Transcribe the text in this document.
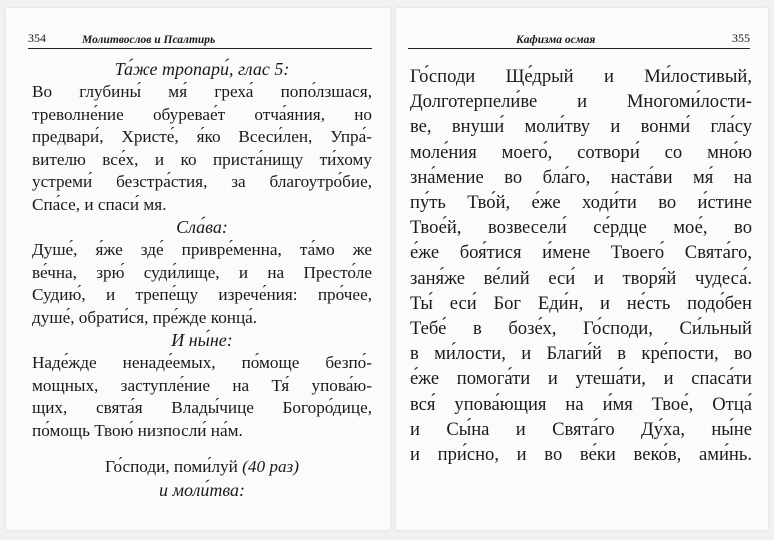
354	Молитвослов и Псалтирь
Та́же тропари́, глас 5:
Во глубины́ мя́ греха́ попо́лзшася,
треволне́ние обуревае́т отча́яния, но
предвари́, Христе́, я́ко Всеси́лен, Упра́-
вителю все́х, и ко приста́нищу ти́хому
устреми́ безстра́стия, за благоутро́бие,
Спа́се, и спаси́ мя.
Сла́ва:
Душе́, я́же зде́ привре́менна, та́мо же
ве́чна, зрю́ суди́лище, и на Престо́ле
Судию́, и трепе́щу изрече́ния: про́чее,
душе́, обрати́ся, пре́жде конца́.
И ны́не:
Наде́жде ненаде́емых, по́моще безпо́-
мощных, заступле́ние на Тя́ упова́ю-
щих, свята́я Влады́чице Богоро́дице,
по́мощь Твою́ низпосли́ на́м.
Го́споди, поми́луй (40 раз)
и моли́тва:
Кафизма осмая	355
Го́споди Ще́дрый и Ми́лостивый,
Долготерпели́ве и Многоми́лости-
ве, внуши́ моли́тву и вонми́ гла́су
моле́ния моего́, сотвори́ со мно́ю
зна́мение во бла́го, наста́ви мя́ на
пу́ть Тво́й, е́же ходи́ти во и́стине
Твое́й, возвесели́ се́рдце мое́, во
е́же боя́тися и́мене Твоего́ Свята́го,
заня́же ве́лий еси́ и творя́й чудеса́.
Ты́ еси́ Бог Еди́н, и не́сть подо́бен
Тебе́ в бозе́х, Го́споди, Си́льный
в ми́лости, и Благи́й в кре́пости, во
е́же помога́ти и утеша́ти, и спаса́ти
вся́ упова́ющия на и́мя Твое́, Отца́
и Сы́на и Свята́го Ду́ха, ны́не
и при́сно, и во ве́ки веко́в, ами́нь.
